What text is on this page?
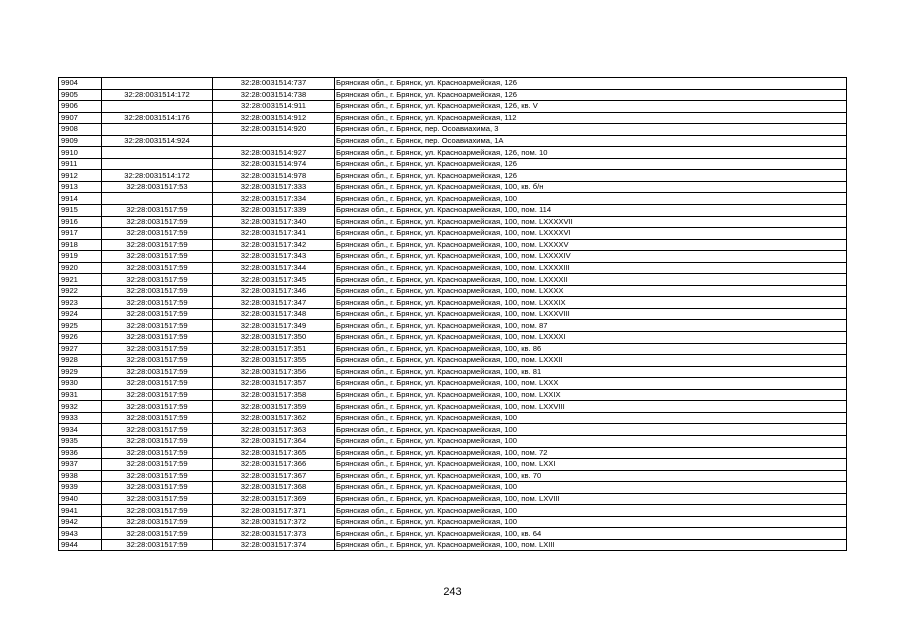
9904		32:28:0031514:737	Брянская обл., г. Брянск, ул. Красноармейская, 126
9905	32:28:0031514:172	32:28:0031514:738	Брянская обл., г. Брянск, ул. Красноармейская, 126
9906		32:28:0031514:911	Брянская обл., г. Брянск, ул. Красноармейская, 126, кв. V
9907	32:28:0031514:176	32:28:0031514:912	Брянская обл., г. Брянск, ул. Красноармейская, 112
9908		32:28:0031514:920	Брянская обл., г. Брянск, пер. Осоавиахима, 3
9909	32:28:0031514:924		Брянская обл., г. Брянск, пер. Осоавиахима, 1А
9910		32:28:0031514:927	Брянская обл., г. Брянск, ул. Красноармейская, 126, пом. 10
9911		32:28:0031514:974	Брянская обл., г. Брянск, ул. Красноармейская, 126
9912	32:28:0031514:172	32:28:0031514:978	Брянская обл., г. Брянск, ул. Красноармейская, 126
9913	32:28:0031517:53	32:28:0031517:333	Брянская обл., г. Брянск, ул. Красноармейская, 100, кв. б/н
9914		32:28:0031517:334	Брянская обл., г. Брянск, ул. Красноармейская, 100
9915	32:28:0031517:59	32:28:0031517:339	Брянская обл., г. Брянск, ул. Красноармейская, 100, пом. 114
9916	32:28:0031517:59	32:28:0031517:340	Брянская обл., г. Брянск, ул. Красноармейская, 100, пом. LXXXXVII
9917	32:28:0031517:59	32:28:0031517:341	Брянская обл., г. Брянск, ул. Красноармейская, 100, пом. LXXXXVI
9918	32:28:0031517:59	32:28:0031517:342	Брянская обл., г. Брянск, ул. Красноармейская, 100, пом. LXXXXV
9919	32:28:0031517:59	32:28:0031517:343	Брянская обл., г. Брянск, ул. Красноармейская, 100, пом. LXXXXIV
9920	32:28:0031517:59	32:28:0031517:344	Брянская обл., г. Брянск, ул. Красноармейская, 100, пом. LXXXXIII
9921	32:28:0031517:59	32:28:0031517:345	Брянская обл., г. Брянск, ул. Красноармейская, 100, пом. LXXXXII
9922	32:28:0031517:59	32:28:0031517:346	Брянская обл., г. Брянск, ул. Красноармейская, 100, пом. LXXXX
9923	32:28:0031517:59	32:28:0031517:347	Брянская обл., г. Брянск, ул. Красноармейская, 100, пом. LXXXIX
9924	32:28:0031517:59	32:28:0031517:348	Брянская обл., г. Брянск, ул. Красноармейская, 100, пом. LXXXVIII
9925	32:28:0031517:59	32:28:0031517:349	Брянская обл., г. Брянск, ул. Красноармейская, 100, пом. 87
9926	32:28:0031517:59	32:28:0031517:350	Брянская обл., г. Брянск, ул. Красноармейская, 100, пом. LXXXXI
9927	32:28:0031517:59	32:28:0031517:351	Брянская обл., г. Брянск, ул. Красноармейская, 100, кв. 86
9928	32:28:0031517:59	32:28:0031517:355	Брянская обл., г. Брянск, ул. Красноармейская, 100, пом. LXXXII
9929	32:28:0031517:59	32:28:0031517:356	Брянская обл., г. Брянск, ул. Красноармейская, 100, кв. 81
9930	32:28:0031517:59	32:28:0031517:357	Брянская обл., г. Брянск, ул. Красноармейская, 100, пом. LXXX
9931	32:28:0031517:59	32:28:0031517:358	Брянская обл., г. Брянск, ул. Красноармейская, 100, пом. LXXIX
9932	32:28:0031517:59	32:28:0031517:359	Брянская обл., г. Брянск, ул. Красноармейская, 100, пом. LXXVIII
9933	32:28:0031517:59	32:28:0031517:362	Брянская обл., г. Брянск, ул. Красноармейская, 100
9934	32:28:0031517:59	32:28:0031517:363	Брянская обл., г. Брянск, ул. Красноармейская, 100
9935	32:28:0031517:59	32:28:0031517:364	Брянская обл., г. Брянск, ул. Красноармейская, 100
9936	32:28:0031517:59	32:28:0031517:365	Брянская обл., г. Брянск, ул. Красноармейская, 100, пом. 72
9937	32:28:0031517:59	32:28:0031517:366	Брянская обл., г. Брянск, ул. Красноармейская, 100, пом. LXXI
9938	32:28:0031517:59	32:28:0031517:367	Брянская обл., г. Брянск, ул. Красноармейская, 100, кв. 70
9939	32:28:0031517:59	32:28:0031517:368	Брянская обл., г. Брянск, ул. Красноармейская, 100
9940	32:28:0031517:59	32:28:0031517:369	Брянская обл., г. Брянск, ул. Красноармейская, 100, пом. LXVIII
9941	32:28:0031517:59	32:28:0031517:371	Брянская обл., г. Брянск, ул. Красноармейская, 100
9942	32:28:0031517:59	32:28:0031517:372	Брянская обл., г. Брянск, ул. Красноармейская, 100
9943	32:28:0031517:59	32:28:0031517:373	Брянская обл., г. Брянск, ул. Красноармейская, 100, кв. 64
9944	32:28:0031517:59	32:28:0031517:374	Брянская обл., г. Брянск, ул. Красноармейская, 100, пом. LXIII
243
